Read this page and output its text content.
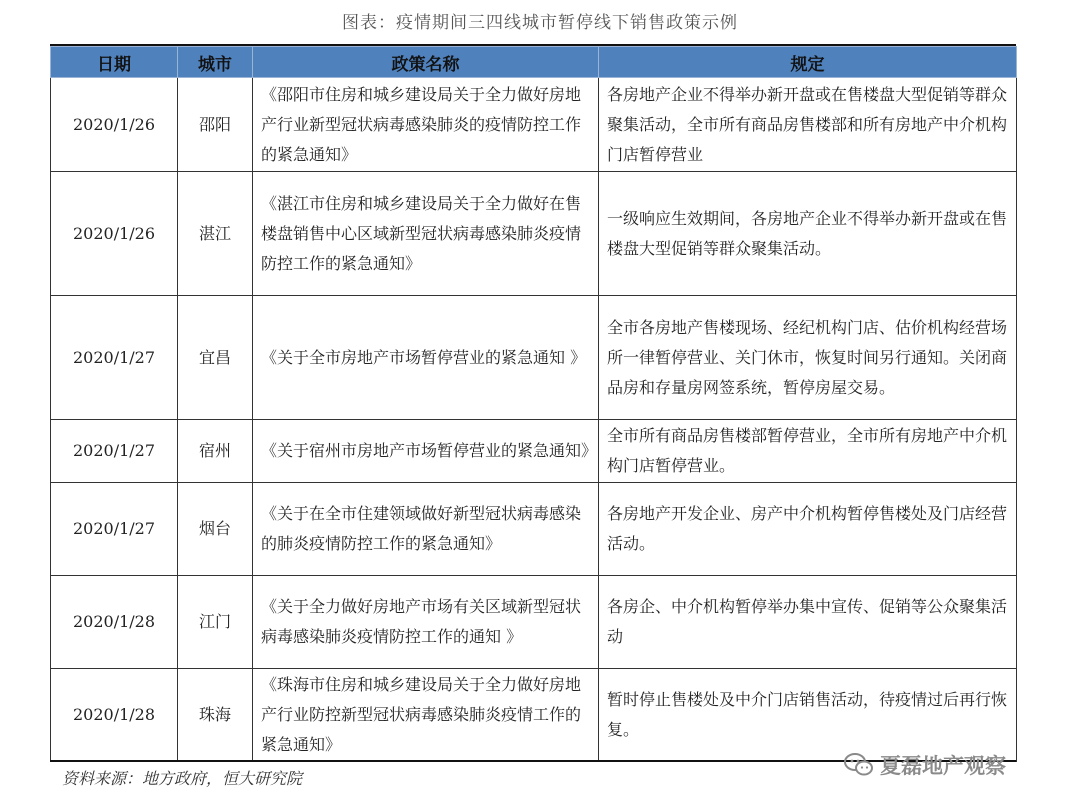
图表：疫情期间三四线城市暂停线下销售政策示例
日期	城市	政策名称	规定
2020/1/26	邵阳	《邵阳市住房和城乡建设局关于全力做好房地产行业新型冠状病毒感染肺炎的疫情防控工作的紧急通知》	各房地产企业不得举办新开盘或在售楼盘大型促销等群众聚集活动，全市所有商品房售楼部和所有房地产中介机构门店暂停营业
2020/1/26	湛江	《湛江市住房和城乡建设局关于全力做好在售楼盘销售中心区域新型冠状病毒感染肺炎疫情防控工作的紧急通知》	一级响应生效期间，各房地产企业不得举办新开盘或在售楼盘大型促销等群众聚集活动。
2020/1/27	宜昌	《关于全市房地产市场暂停营业的紧急通知 》	全市各房地产售楼现场、经纪机构门店、估价机构经营场所一律暂停营业、关门休市，恢复时间另行通知。关闭商品房和存量房网签系统，暂停房屋交易。
2020/1/27	宿州	《关于宿州市房地产市场暂停营业的紧急通知》	全市所有商品房售楼部暂停营业，全市所有房地产中介机构门店暂停营业。
2020/1/27	烟台	《关于在全市住建领域做好新型冠状病毒感染的肺炎疫情防控工作的紧急通知》	各房地产开发企业、房产中介机构暂停售楼处及门店经营活动。
2020/1/28	江门	《关于全力做好房地产市场有关区域新型冠状病毒感染肺炎疫情防控工作的通知 》	各房企、中介机构暂停举办集中宣传、促销等公众聚集活动
2020/1/28	珠海	《珠海市住房和城乡建设局关于全力做好房地产行业防控新型冠状病毒感染肺炎疫情工作的紧急通知》	暂时停止售楼处及中介门店销售活动，待疫情过后再行恢复。
资料来源：地方政府，恒大研究院
夏磊地产观察
